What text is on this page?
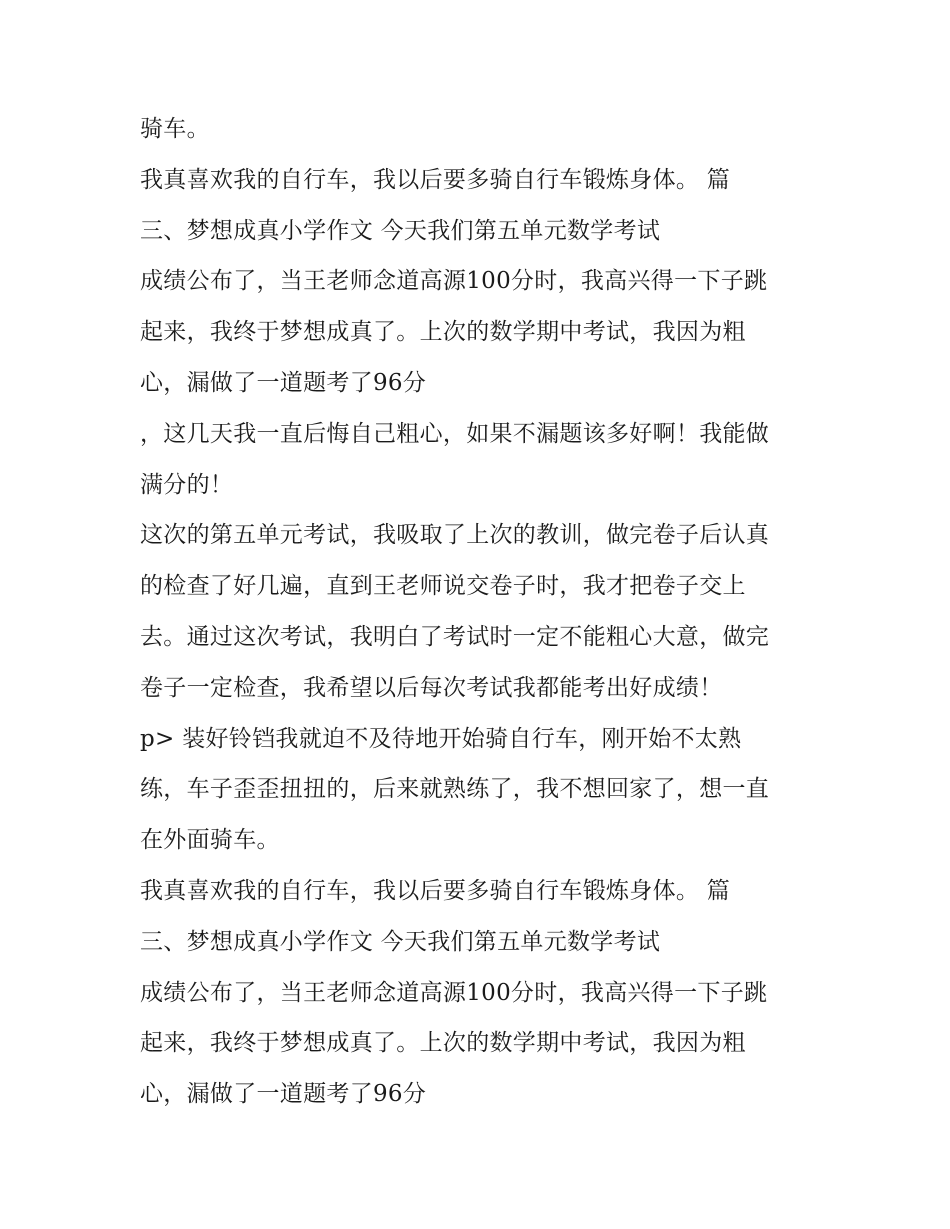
骑车。
我真喜欢我的自行车，我以后要多骑自行车锻炼身体。 篇
三、梦想成真小学作文 今天我们第五单元数学考试
成绩公布了，当王老师念道高源100分时，我高兴得一下子跳
起来，我终于梦想成真了。上次的数学期中考试，我因为粗
心，漏做了一道题考了96分
，这几天我一直后悔自己粗心，如果不漏题该多好啊！我能做
满分的！
这次的第五单元考试，我吸取了上次的教训，做完卷子后认真
的检查了好几遍，直到王老师说交卷子时，我才把卷子交上
去。通过这次考试，我明白了考试时一定不能粗心大意，做完
卷子一定检查，我希望以后每次考试我都能考出好成绩！
p> 装好铃铛我就迫不及待地开始骑自行车，刚开始不太熟
练，车子歪歪扭扭的，后来就熟练了，我不想回家了，想一直
在外面骑车。
我真喜欢我的自行车，我以后要多骑自行车锻炼身体。 篇
三、梦想成真小学作文 今天我们第五单元数学考试
成绩公布了，当王老师念道高源100分时，我高兴得一下子跳
起来，我终于梦想成真了。上次的数学期中考试，我因为粗
心，漏做了一道题考了96分
